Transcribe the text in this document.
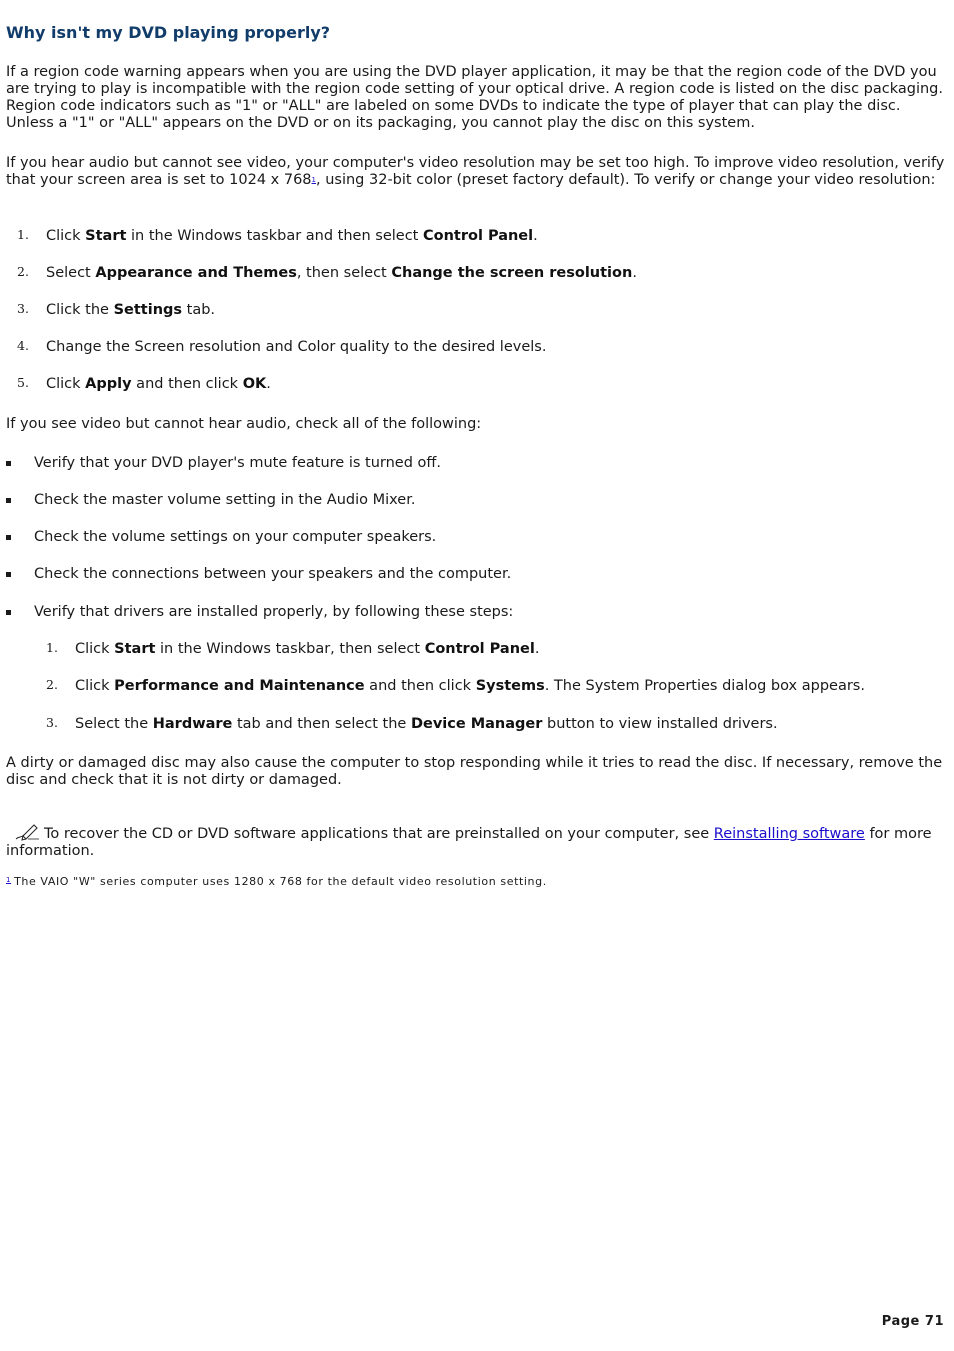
Why isn't my DVD playing properly?

If a region code warning appears when you are using the DVD player application, it may be that the region code of the DVD you are trying to play is incompatible with the region code setting of your optical drive. A region code is listed on the disc packaging. Region code indicators such as "1" or "ALL" are labeled on some DVDs to indicate the type of player that can play the disc. Unless a "1" or "ALL" appears on the DVD or on its packaging, you cannot play the disc on this system.

If you hear audio but cannot see video, your computer's video resolution may be set too high. To improve video resolution, verify that your screen area is set to 1024 x 7681, using 32-bit color (preset factory default). To verify or change your video resolution:

1. Click Start in the Windows taskbar and then select Control Panel.
2. Select Appearance and Themes, then select Change the screen resolution.
3. Click the Settings tab.
4. Change the Screen resolution and Color quality to the desired levels.
5. Click Apply and then click OK.

If you see video but cannot hear audio, check all of the following:

Verify that your DVD player's mute feature is turned off.
Check the master volume setting in the Audio Mixer.
Check the volume settings on your computer speakers.
Check the connections between your speakers and the computer.
Verify that drivers are installed properly, by following these steps:
1. Click Start in the Windows taskbar, then select Control Panel.
2. Click Performance and Maintenance and then click Systems. The System Properties dialog box appears.
3. Select the Hardware tab and then select the Device Manager button to view installed drivers.

A dirty or damaged disc may also cause the computer to stop responding while it tries to read the disc. If necessary, remove the disc and check that it is not dirty or damaged.

To recover the CD or DVD software applications that are preinstalled on your computer, see Reinstalling software for more information.

$^1$ The VAIO "W" series computer uses 1280 x 768 for the default video resolution setting.

Page 71
